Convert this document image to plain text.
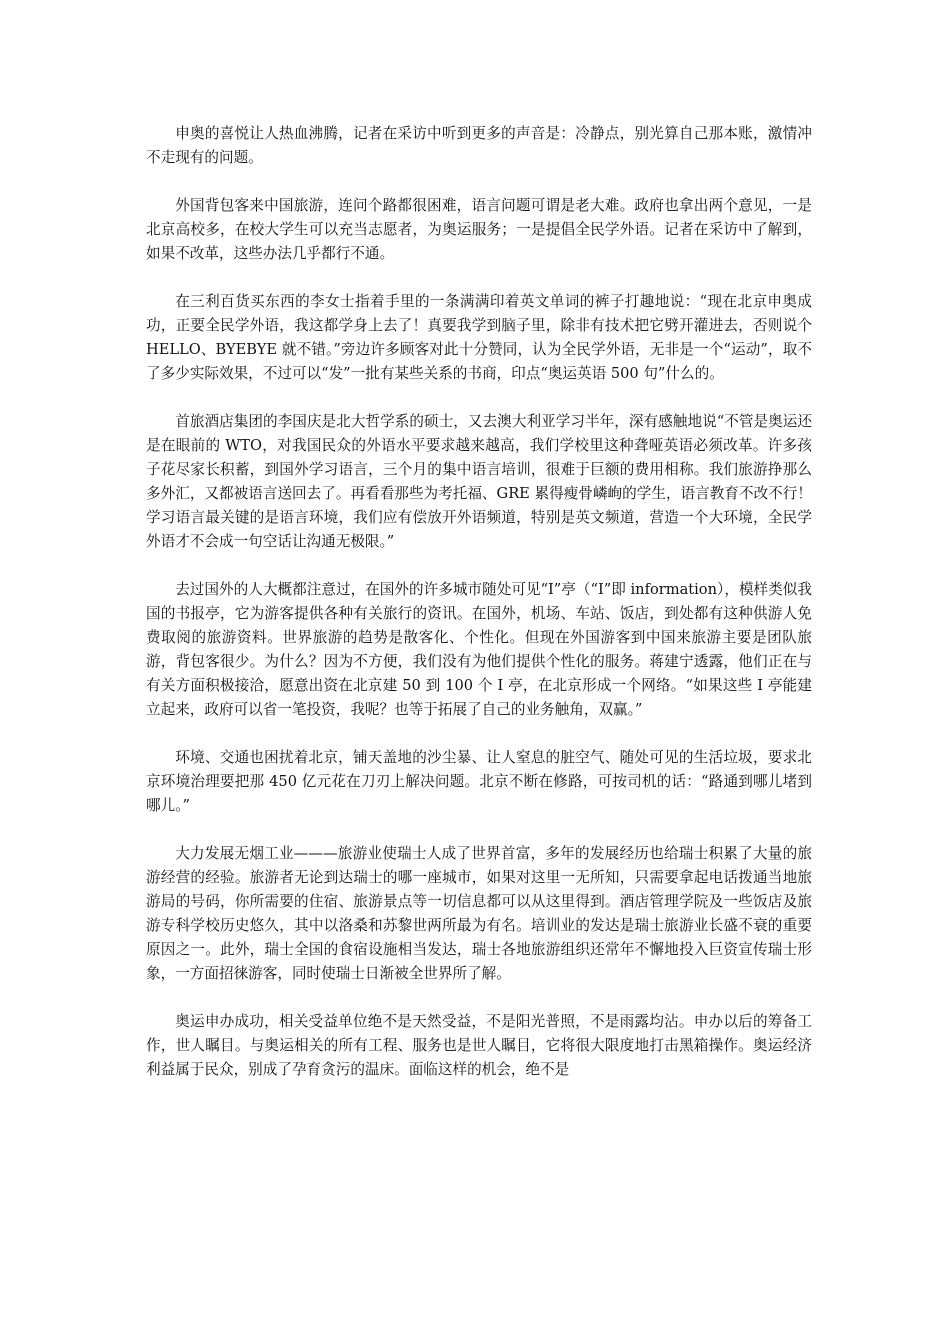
申奥的喜悦让人热血沸腾，记者在采访中听到更多的声音是：冷静点，别光算自己那本账，激情冲不走现有的问题。

外国背包客来中国旅游，连问个路都很困难，语言问题可谓是老大难。政府也拿出两个意见，一是北京高校多，在校大学生可以充当志愿者，为奥运服务；一是提倡全民学外语。记者在采访中了解到，如果不改革，这些办法几乎都行不通。

在三利百货买东西的李女士指着手里的一条满满印着英文单词的裤子打趣地说：“现在北京申奥成功，正要全民学外语，我这都学身上去了！真要我学到脑子里，除非有技术把它劈开灌进去，否则说个 HELLO、BYEBYE 就不错。”旁边许多顾客对此十分赞同，认为全民学外语，无非是一个“运动”，取不了多少实际效果，不过可以“发”一批有某些关系的书商，印点“奥运英语 500 句”什么的。

首旅酒店集团的李国庆是北大哲学系的硕士，又去澳大利亚学习半年，深有感触地说“不管是奥运还是在眼前的 WTO，对我国民众的外语水平要求越来越高，我们学校里这种聋哑英语必须改革。许多孩子花尽家长积蓄，到国外学习语言，三个月的集中语言培训，很难于巨额的费用相称。我们旅游挣那么多外汇，又都被语言送回去了。再看看那些为考托福、GRE 累得瘦骨嶙峋的学生，语言教育不改不行！学习语言最关键的是语言环境，我们应有偿放开外语频道，特别是英文频道，营造一个大环境，全民学外语才不会成一句空话让沟通无极限。”

去过国外的人大概都注意过，在国外的许多城市随处可见“I”亭（“I”即 information），模样类似我国的书报亭，它为游客提供各种有关旅行的资讯。在国外，机场、车站、饭店，到处都有这种供游人免费取阅的旅游资料。世界旅游的趋势是散客化、个性化。但现在外国游客到中国来旅游主要是团队旅游，背包客很少。为什么？因为不方便，我们没有为他们提供个性化的服务。蒋建宁透露，他们正在与有关方面积极接洽，愿意出资在北京建 50 到 100 个 I 亭，在北京形成一个网络。“如果这些 I 亭能建立起来，政府可以省一笔投资，我呢？也等于拓展了自己的业务触角，双赢。”

环境、交通也困扰着北京，铺天盖地的沙尘暴、让人窒息的脏空气、随处可见的生活垃圾，要求北京环境治理要把那 450 亿元花在刀刃上解决问题。北京不断在修路，可按司机的话：“路通到哪儿堵到哪儿。”

大力发展无烟工业———旅游业使瑞士人成了世界首富，多年的发展经历也给瑞士积累了大量的旅游经营的经验。旅游者无论到达瑞士的哪一座城市，如果对这里一无所知，只需要拿起电话拨通当地旅游局的号码，你所需要的住宿、旅游景点等一切信息都可以从这里得到。酒店管理学院及一些饭店及旅游专科学校历史悠久，其中以洛桑和苏黎世两所最为有名。培训业的发达是瑞士旅游业长盛不衰的重要原因之一。此外，瑞士全国的食宿设施相当发达，瑞士各地旅游组织还常年不懈地投入巨资宣传瑞士形象，一方面招徕游客，同时使瑞士日渐被全世界所了解。

奥运申办成功，相关受益单位绝不是天然受益，不是阳光普照，不是雨露均沾。申办以后的筹备工作，世人瞩目。与奥运相关的所有工程、服务也是世人瞩目，它将很大限度地打击黑箱操作。奥运经济利益属于民众，别成了孕育贪污的温床。面临这样的机会，绝不是
